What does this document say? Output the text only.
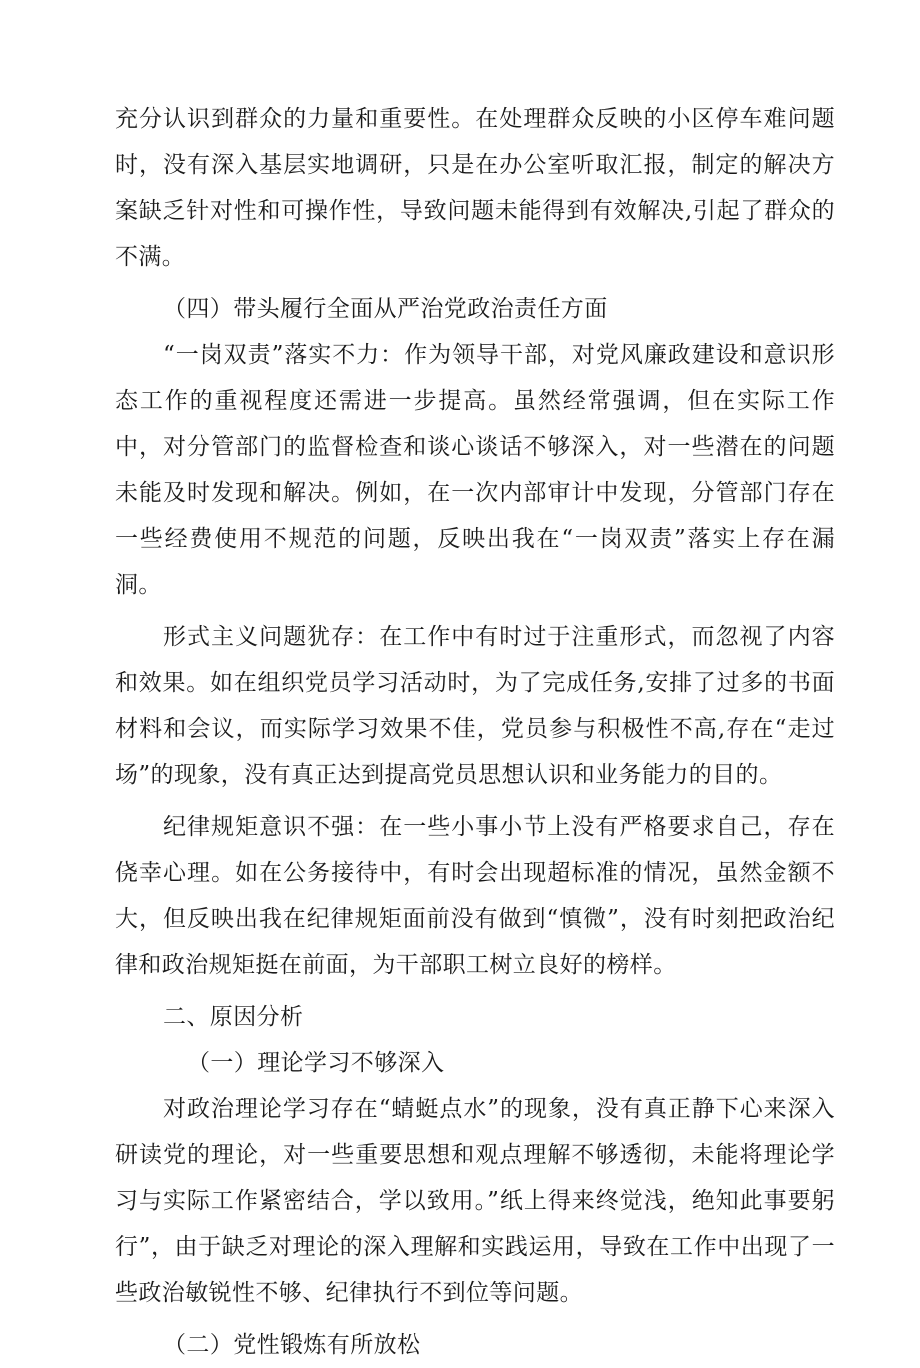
充分认识到群众的力量和重要性。在处理群众反映的小区停车难问题时，没有深入基层实地调研，只是在办公室听取汇报，制定的解决方案缺乏针对性和可操作性，导致问题未能得到有效解决,引起了群众的不满。

（四）带头履行全面从严治党政治责任方面

“一岗双责”落实不力：作为领导干部，对党风廉政建设和意识形态工作的重视程度还需进一步提高。虽然经常强调，但在实际工作中，对分管部门的监督检查和谈心谈话不够深入，对一些潜在的问题未能及时发现和解决。例如，在一次内部审计中发现，分管部门存在一些经费使用不规范的问题，反映出我在“一岗双责”落实上存在漏洞。

形式主义问题犹存：在工作中有时过于注重形式，而忽视了内容和效果。如在组织党员学习活动时，为了完成任务,安排了过多的书面材料和会议，而实际学习效果不佳，党员参与积极性不高,存在“走过场”的现象，没有真正达到提高党员思想认识和业务能力的目的。

纪律规矩意识不强：在一些小事小节上没有严格要求自己，存在侥幸心理。如在公务接待中，有时会出现超标准的情况，虽然金额不大，但反映出我在纪律规矩面前没有做到“慎微”，没有时刻把政治纪律和政治规矩挺在前面，为干部职工树立良好的榜样。

二、原因分析

（一）理论学习不够深入

对政治理论学习存在“蜻蜓点水”的现象，没有真正静下心来深入研读党的理论，对一些重要思想和观点理解不够透彻，未能将理论学习与实际工作紧密结合，学以致用。”纸上得来终觉浅，绝知此事要躬行”，由于缺乏对理论的深入理解和实践运用，导致在工作中出现了一些政治敏锐性不够、纪律执行不到位等问题。

（二）党性锻炼有所放松
